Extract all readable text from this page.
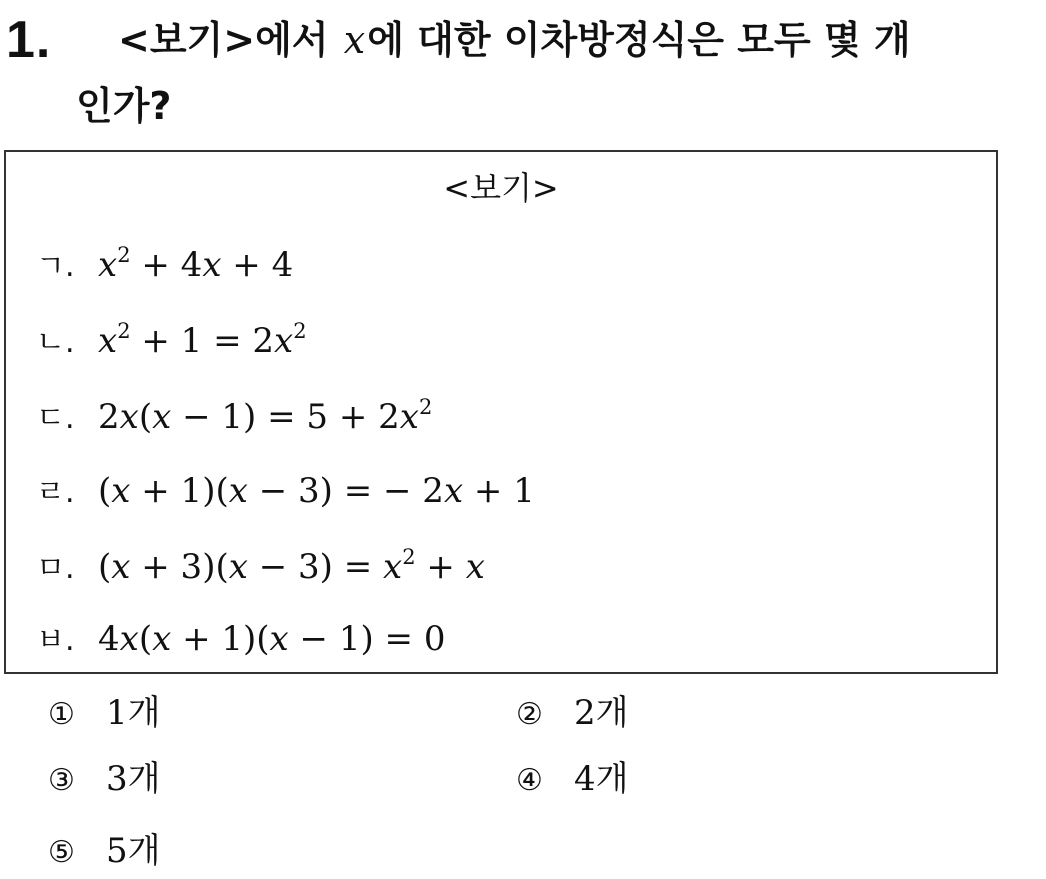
1. <보기>에서 x에 대한 이차방정식은 모두 몇 개
인가?
<보기>
ㄱ. $x^2 + 4x + 4$
ㄴ. $x^2 + 1 = 2x^2$
ㄷ. $2x(x - 1) = 5 + 2x^2$
ㄹ. (x + 1)(x − 3) = − 2x + 1
ㅁ. $(x + 3)(x - 3) = x^2 + x$
ㅂ. 4x(x + 1)(x − 1) = 0
① 1개	② 2개
③ 3개	④ 4개
⑤ 5개
